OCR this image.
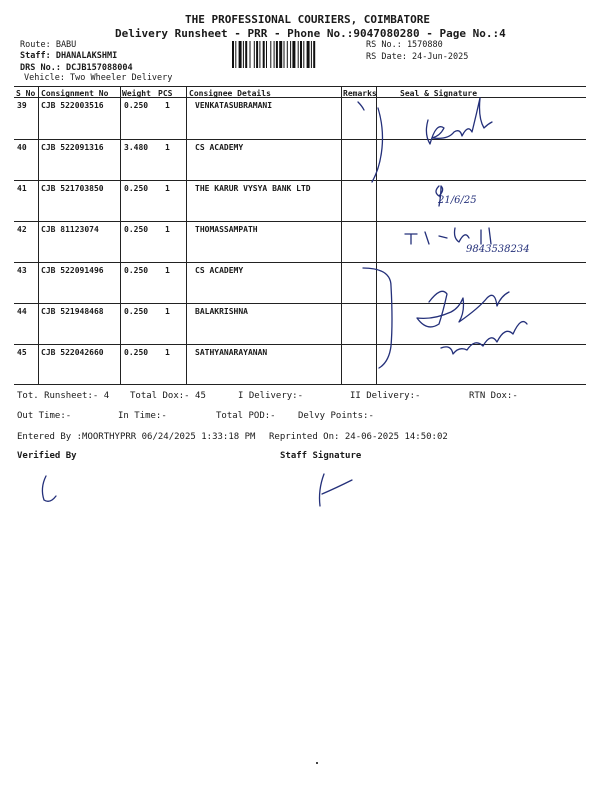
THE PROFESSIONAL COURIERS, COIMBATORE
Delivery Runsheet - PRR - Phone No.:9047080280 - Page No.:4
Route: BABU
Staff: DHANALAKSHMI
DRS No.: DCJB157088004
Vehicle: Two Wheeler Delivery
RS No.: 1570880
RS Date: 24-Jun-2025
S No Consignment No Weight PCS Consignee Details	Remarks	Seal & Signature
39 CJB 522003516	0.250 1	VENKATASUBRAMANI
40 CJB 522091316	3.480 1	CS ACADEMY
41 CJB 521703850	0.250 1	THE KARUR VYSYA BANK LTD
42 CJB 81123074	0.250 1	THOMASSAMPATH
43 CJB 522091496	0.250 1	CS ACADEMY
44 CJB 521948468	0.250 1	BALAKRISHNA
45 CJB 522042660	0.250 1	SATHYANARAYANAN
21/6/25
9843538234
Tot. Runsheet:- 4 Total Dox:- 45	I Delivery:-	II Delivery:-	RTN Dox:-
Out Time:-	In Time:-	Total POD:- Delvy Points:-
Entered By :MOORTHYPRR 06/24/2025 1:33:18 PM Reprinted On: 24-06-2025 14:50:02
Verified By	Staff Signature
